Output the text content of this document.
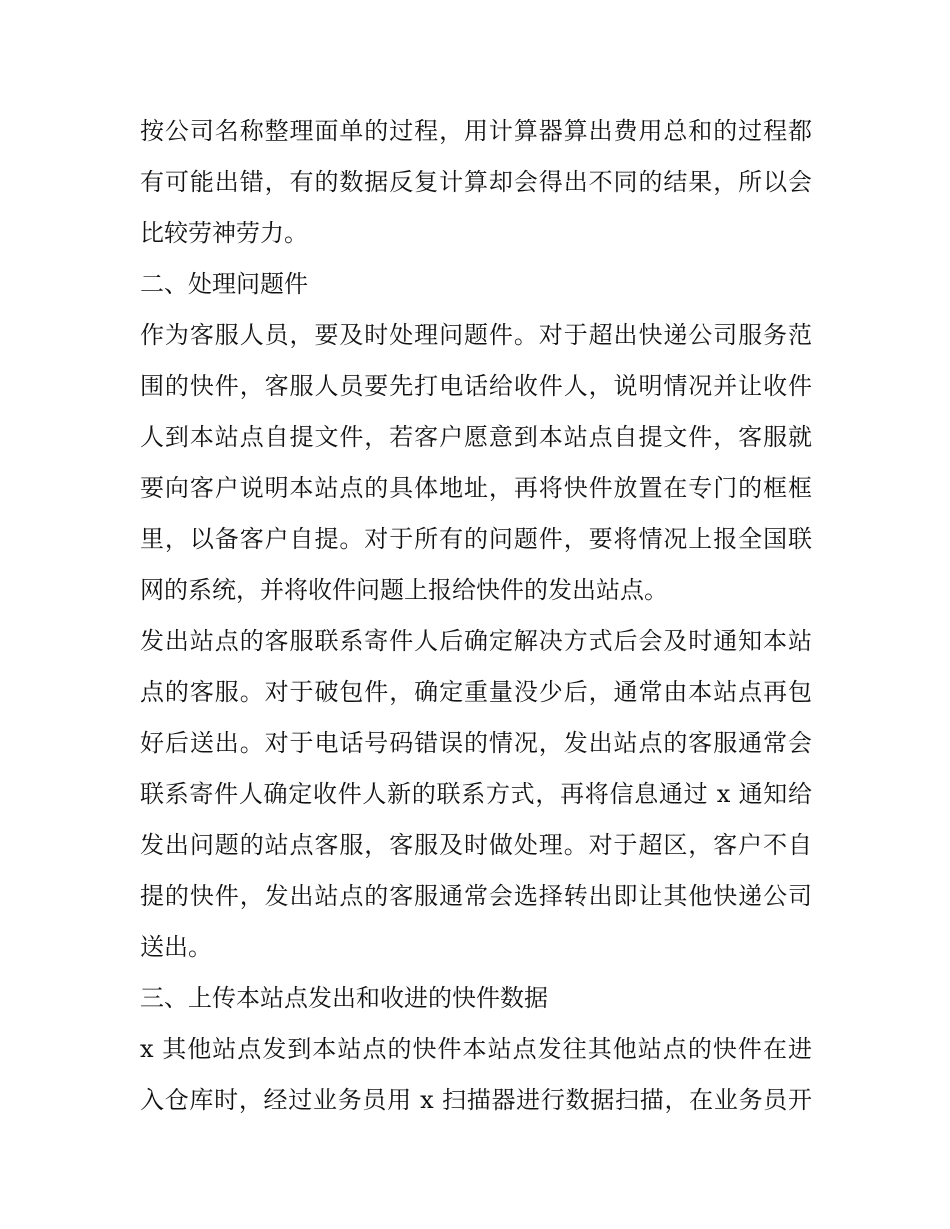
按公司名称整理面单的过程，用计算器算出费用总和的过程都
有可能出错，有的数据反复计算却会得出不同的结果，所以会
比较劳神劳力。
二、处理问题件
作为客服人员，要及时处理问题件。对于超出快递公司服务范
围的快件，客服人员要先打电话给收件人，说明情况并让收件
人到本站点自提文件，若客户愿意到本站点自提文件，客服就
要向客户说明本站点的具体地址，再将快件放置在专门的框框
里，以备客户自提。对于所有的问题件，要将情况上报全国联
网的系统，并将收件问题上报给快件的发出站点。
发出站点的客服联系寄件人后确定解决方式后会及时通知本站
点的客服。对于破包件，确定重量没少后，通常由本站点再包
好后送出。对于电话号码错误的情况，发出站点的客服通常会
联系寄件人确定收件人新的联系方式，再将信息通过 x 通知给
发出问题的站点客服，客服及时做处理。对于超区，客户不自
提的快件，发出站点的客服通常会选择转出即让其他快递公司
送出。
三、上传本站点发出和收进的快件数据
x 其他站点发到本站点的快件本站点发往其他站点的快件在进
入仓库时，经过业务员用 x 扫描器进行数据扫描，在业务员开
